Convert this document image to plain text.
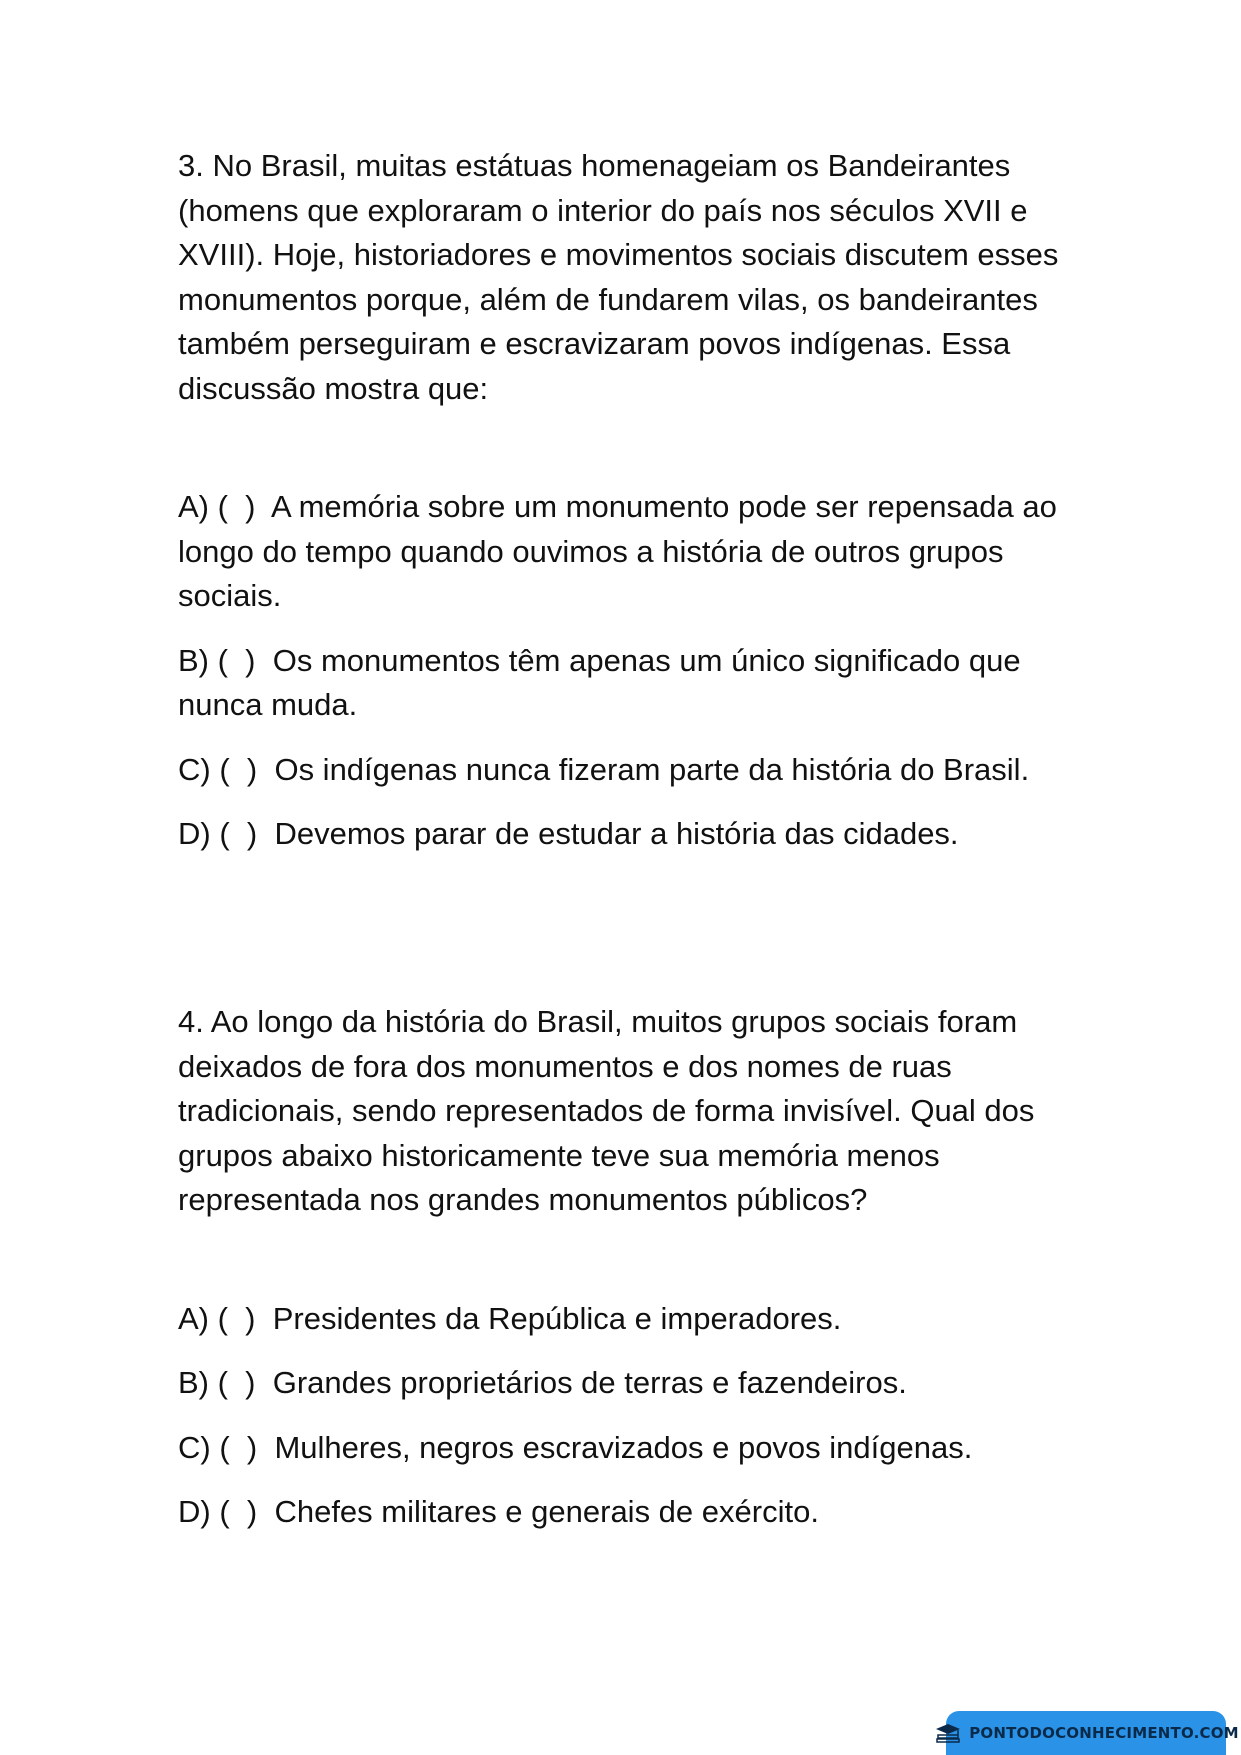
3. No Brasil, muitas estátuas homenageiam os Bandeirantes (homens que exploraram o interior do país nos séculos XVII e XVIII). Hoje, historiadores e movimentos sociais discutem esses monumentos porque, além de fundarem vilas, os bandeirantes também perseguiram e escravizaram povos indígenas. Essa discussão mostra que:

A) (  )  A memória sobre um monumento pode ser repensada ao longo do tempo quando ouvimos a história de outros grupos sociais.
B) (  )  Os monumentos têm apenas um único significado que nunca muda.
C) (  )  Os indígenas nunca fizeram parte da história do Brasil.
D) (  )  Devemos parar de estudar a história das cidades.

4. Ao longo da história do Brasil, muitos grupos sociais foram deixados de fora dos monumentos e dos nomes de ruas tradicionais, sendo representados de forma invisível. Qual dos grupos abaixo historicamente teve sua memória menos representada nos grandes monumentos públicos?

A) (  )  Presidentes da República e imperadores.
B) (  )  Grandes proprietários de terras e fazendeiros.
C) (  )  Mulheres, negros escravizados e povos indígenas.
D) (  )  Chefes militares e generais de exército.
PONTODOCONHECIMENTO.COM
